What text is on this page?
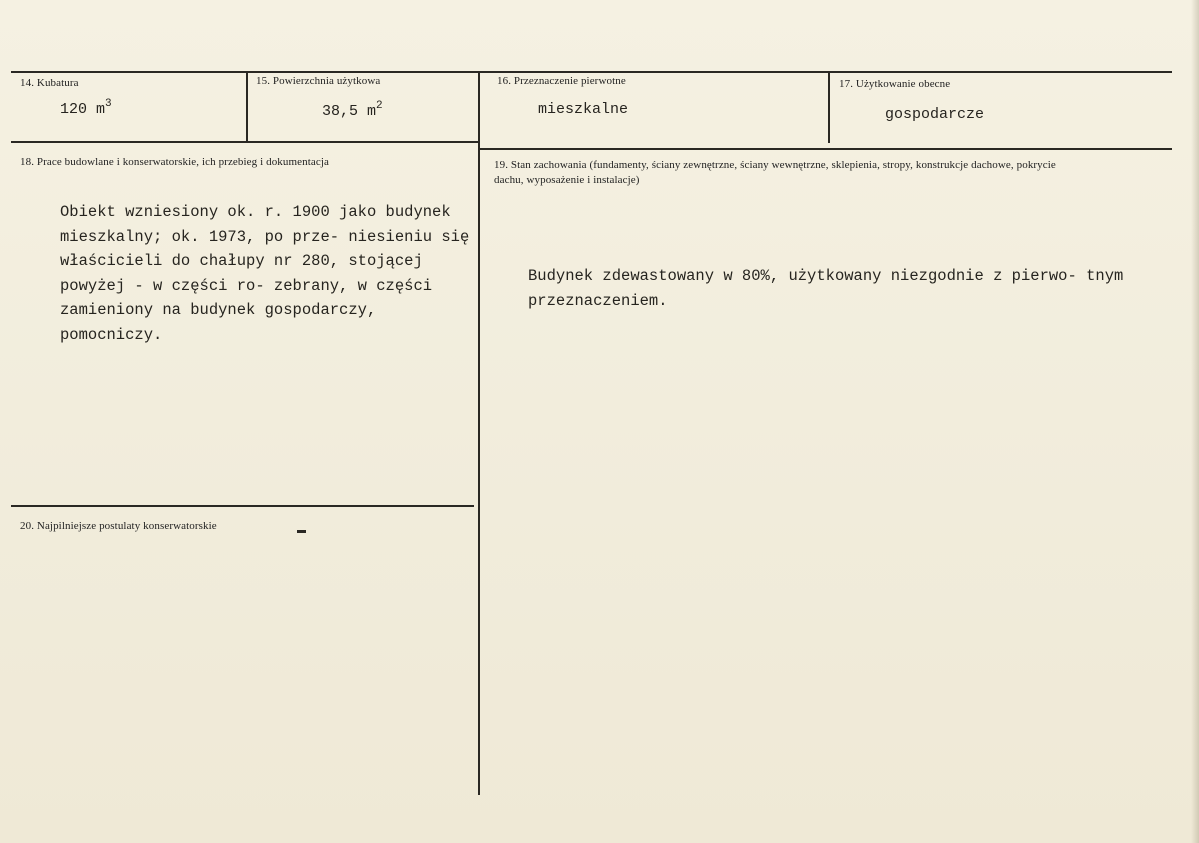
14. Kubatura
120 $m^3$
15. Powierzchnia użytkowa
38,5 $m^2$
16. Przeznaczenie pierwotne
mieszkalne
17. Użytkowanie obecne
gospodarcze
18. Prace budowlane i konserwatorskie, ich przebieg i dokumentacja
Obiekt wzniesiony ok. r. 1900 jako budynek mieszkalny; ok. 1973, po prze- niesieniu się właścicieli do chałupy nr 280, stojącej powyżej - w części ro- zebrany, w części zamieniony na budynek gospodarczy, pomocniczy.
19. Stan zachowania (fundamenty, ściany zewnętrzne, ściany wewnętrzne, sklepienia, stropy, konstrukcje dachowe, pokrycie dachu, wyposażenie i instalacje)
Budynek zdewastowany w 80%, użytkowany niezgodnie z pierwo- tnym przeznaczeniem.
20. Najpilniejsze postulaty konserwatorskie
